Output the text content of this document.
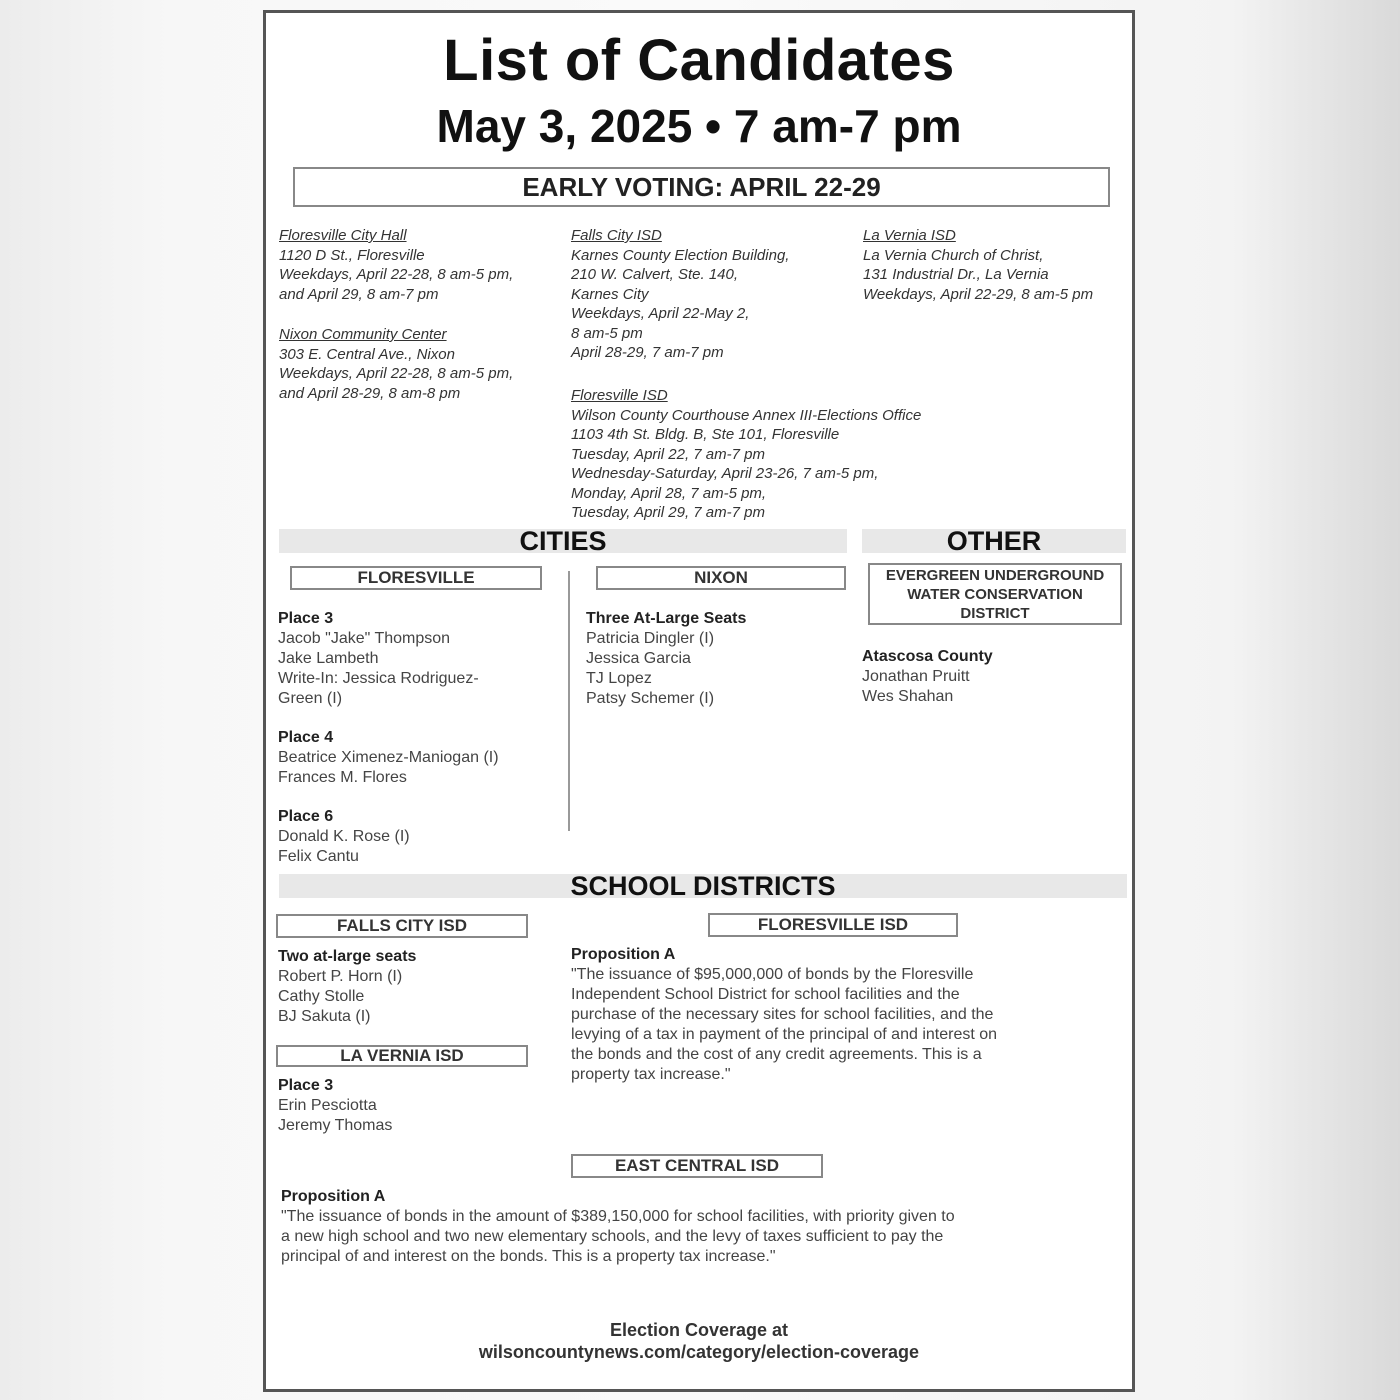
List of Candidates
May 3, 2025 • 7 am-7 pm
EARLY VOTING: APRIL 22-29
Floresville City Hall
1120 D St., Floresville
Weekdays, April 22-28, 8 am-5 pm,
and April 29, 8 am-7 pm
Nixon Community Center
303 E. Central Ave., Nixon
Weekdays, April 22-28, 8 am-5 pm,
and April 28-29, 8 am-8 pm
Falls City ISD
Karnes County Election Building,
210 W. Calvert, Ste. 140,
Karnes City
Weekdays, April 22-May 2,
8 am-5 pm
April 28-29, 7 am-7 pm
Floresville ISD
Wilson County Courthouse Annex III-Elections Office
1103 4th St. Bldg. B, Ste 101, Floresville
Tuesday, April 22, 7 am-7 pm
Wednesday-Saturday, April 23-26, 7 am-5 pm,
Monday, April 28, 7 am-5 pm,
Tuesday, April 29, 7 am-7 pm
La Vernia ISD
La Vernia Church of Christ,
131 Industrial Dr., La Vernia
Weekdays, April 22-29, 8 am-5 pm
CITIES	OTHER
FLORESVILLE
Place 3
Jacob "Jake" Thompson
Jake Lambeth
Write-In: Jessica Rodriguez-
Green (I)
Place 4
Beatrice Ximenez-Maniogan (I)
Frances M. Flores
Place 6
Donald K. Rose (I)
Felix Cantu
NIXON
Three At-Large Seats
Patricia Dingler (I)
Jessica Garcia
TJ Lopez
Patsy Schemer (I)
EVERGREEN UNDERGROUND
WATER CONSERVATION
DISTRICT
Atascosa County
Jonathan Pruitt
Wes Shahan
SCHOOL DISTRICTS
FALLS CITY ISD
Two at-large seats
Robert P. Horn (I)
Cathy Stolle
BJ Sakuta (I)
LA VERNIA ISD
Place 3
Erin Pesciotta
Jeremy Thomas
FLORESVILLE ISD
Proposition A
"The issuance of $95,000,000 of bonds by the Floresville
Independent School District for school facilities and the
purchase of the necessary sites for school facilities, and the
levying of a tax in payment of the principal of and interest on
the bonds and the cost of any credit agreements. This is a
property tax increase."
EAST CENTRAL ISD
Proposition A
"The issuance of bonds in the amount of $389,150,000 for school facilities, with priority given to
a new high school and two new elementary schools, and the levy of taxes sufficient to pay the
principal of and interest on the bonds. This is a property tax increase."
Election Coverage at
wilsoncountynews.com/category/election-coverage
